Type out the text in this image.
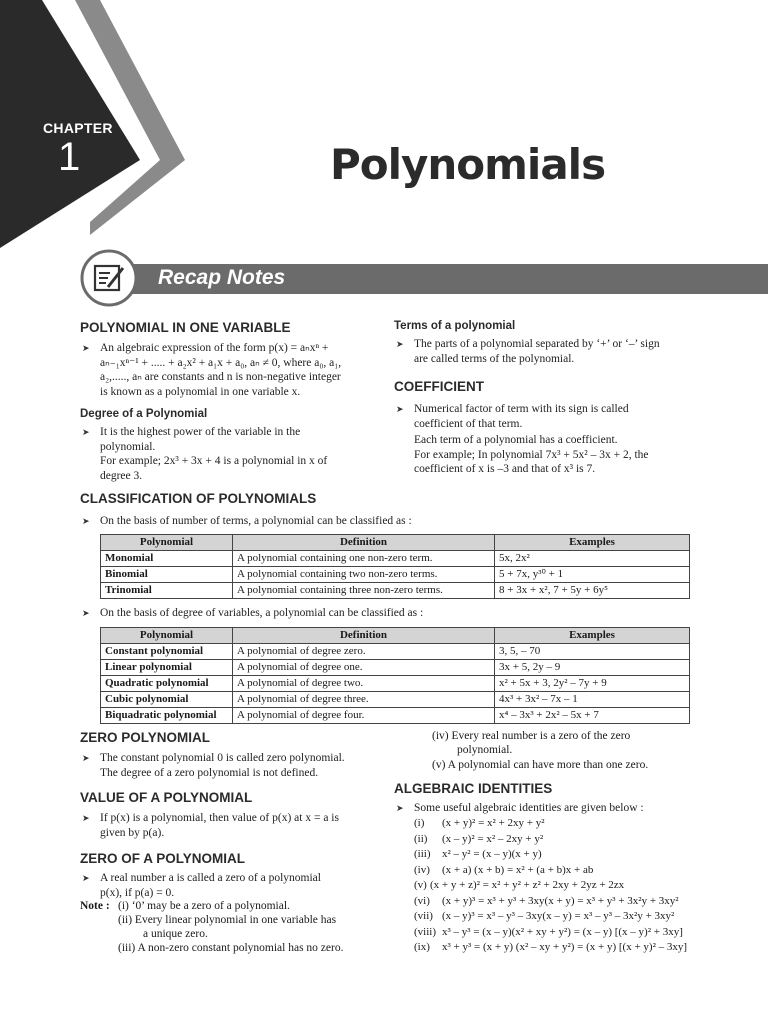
CHAPTER
1	Polynomials
Recap Notes
POLYNOMIAL IN ONE VARIABLE
➤ An algebraic expression of the form p(x) = aₙxⁿ +
aₙ₋₁xⁿ⁻¹ + ..... + a₂x² + a₁x + a₀, aₙ ≠ 0, where a₀, a₁,
a₂,....., aₙ are constants and n is non-negative integer
is known as a polynomial in one variable x.
Degree of a Polynomial
➤ It is the highest power of the variable in the
polynomial.
For example; 2x³ + 3x + 4 is a polynomial in x of
degree 3.
Terms of a polynomial
➤ The parts of a polynomial separated by ‘+’ or ‘–’ sign
are called terms of the polynomial.
COEFFICIENT
➤ Numerical factor of term with its sign is called
coefficient of that term.
Each term of a polynomial has a coefficient.
For example; In polynomial 7x³ + 5x² – 3x + 2, the
coefficient of x is –3 and that of x³ is 7.
CLASSIFICATION OF POLYNOMIALS
➤ On the basis of number of terms, a polynomial can be classified as :
Polynomial	Definition	Examples
Monomial	A polynomial containing one non-zero term.	5x, 2x²
Binomial	A polynomial containing two non-zero terms.	5 + 7x, y³⁰ + 1
Trinomial	A polynomial containing three non-zero terms.	8 + 3x + x², 7 + 5y + 6y⁵
➤ On the basis of degree of variables, a polynomial can be classified as :
Polynomial	Definition	Examples
Constant polynomial	A polynomial of degree zero.	3, 5, – 70
Linear polynomial	A polynomial of degree one.	3x + 5, 2y – 9
Quadratic polynomial	A polynomial of degree two.	x² + 5x + 3, 2y² – 7y + 9
Cubic polynomial	A polynomial of degree three.	4x³ + 3x² – 7x – 1
Biquadratic polynomial	A polynomial of degree four.	x⁴ – 3x³ + 2x² – 5x + 7
ZERO POLYNOMIAL
➤ The constant polynomial 0 is called zero polynomial.
The degree of a zero polynomial is not defined.
VALUE OF A POLYNOMIAL
➤ If p(x) is a polynomial, then value of p(x) at x = a is
given by p(a).
ZERO OF A POLYNOMIAL
➤ A real number a is called a zero of a polynomial
p(x), if p(a) = 0.
Note : (i) ‘0’ may be a zero of a polynomial.
(ii) Every linear polynomial in one variable has
a unique zero.
(iii) A non-zero constant polynomial has no zero.
(iv) Every real number is a zero of the zero
polynomial.
(v) A polynomial can have more than one zero.
ALGEBRAIC IDENTITIES
➤ Some useful algebraic identities are given below :
(i) (x + y)² = x² + 2xy + y²
(ii) (x – y)² = x² – 2xy + y²
(iii) x² – y² = (x – y)(x + y)
(iv) (x + a) (x + b) = x² + (a + b)x + ab
(v) (x + y + z)² = x² + y² + z² + 2xy + 2yz + 2zx
(vi) (x + y)³ = x³ + y³ + 3xy(x + y) = x³ + y³ + 3x²y + 3xy²
(vii) (x – y)³ = x³ – y³ – 3xy(x – y) = x³ – y³ – 3x²y + 3xy²
(viii) x³ – y³ = (x – y)(x² + xy + y²) = (x – y) [(x – y)² + 3xy]
(ix) x³ + y³ = (x + y) (x² – xy + y²) = (x + y) [(x + y)² – 3xy]
